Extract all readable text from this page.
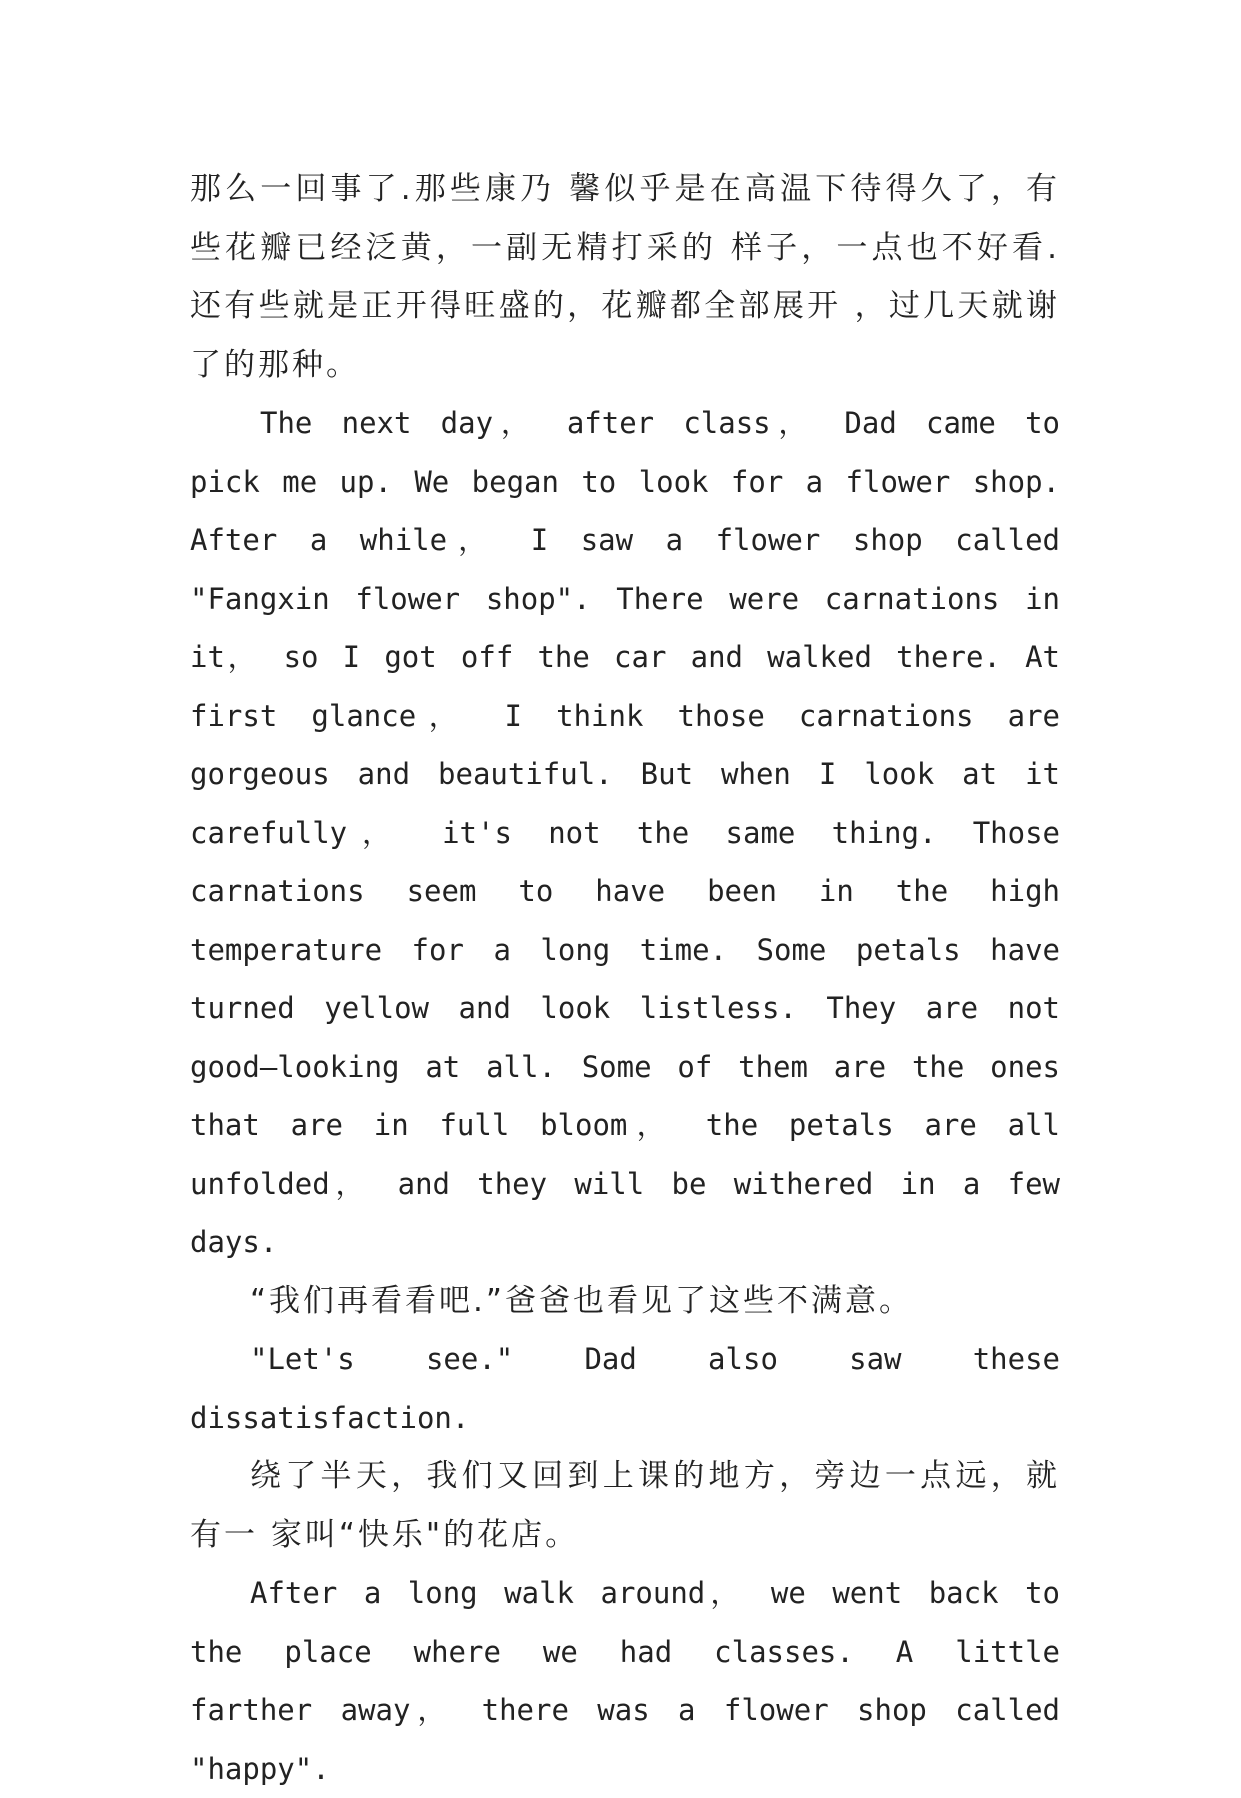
那么一回事了.那些康乃 馨似乎是在高温下待得久了，有些花瓣已经泛黄，一副无精打采的 样子，一点也不好看.还有些就是正开得旺盛的，花瓣都全部展开 ，过几天就谢了的那种。

The next day， after class， Dad came to pick me up. We began to look for a flower shop. After a while， I saw a flower shop called "Fangxin flower shop". There were carnations in it， so I got off the car and walked there. At first glance， I think those carnations are gorgeous and beautiful. But when I look at it carefully， it's not the same thing. Those carnations seem to have been in the high temperature for a long time. Some petals have turned yellow and look listless. They are not good—looking at all. Some of them are the ones that are in full bloom， the petals are all unfolded， and they will be withered in a few days.

“我们再看看吧.”爸爸也看见了这些不满意。

"Let's see." Dad also saw these dissatisfaction.

绕了半天，我们又回到上课的地方，旁边一点远，就有一 家叫“快乐"的花店。

After a long walk around， we went back to the place where we had classes. A little farther away， there was a flower shop called "happy".
